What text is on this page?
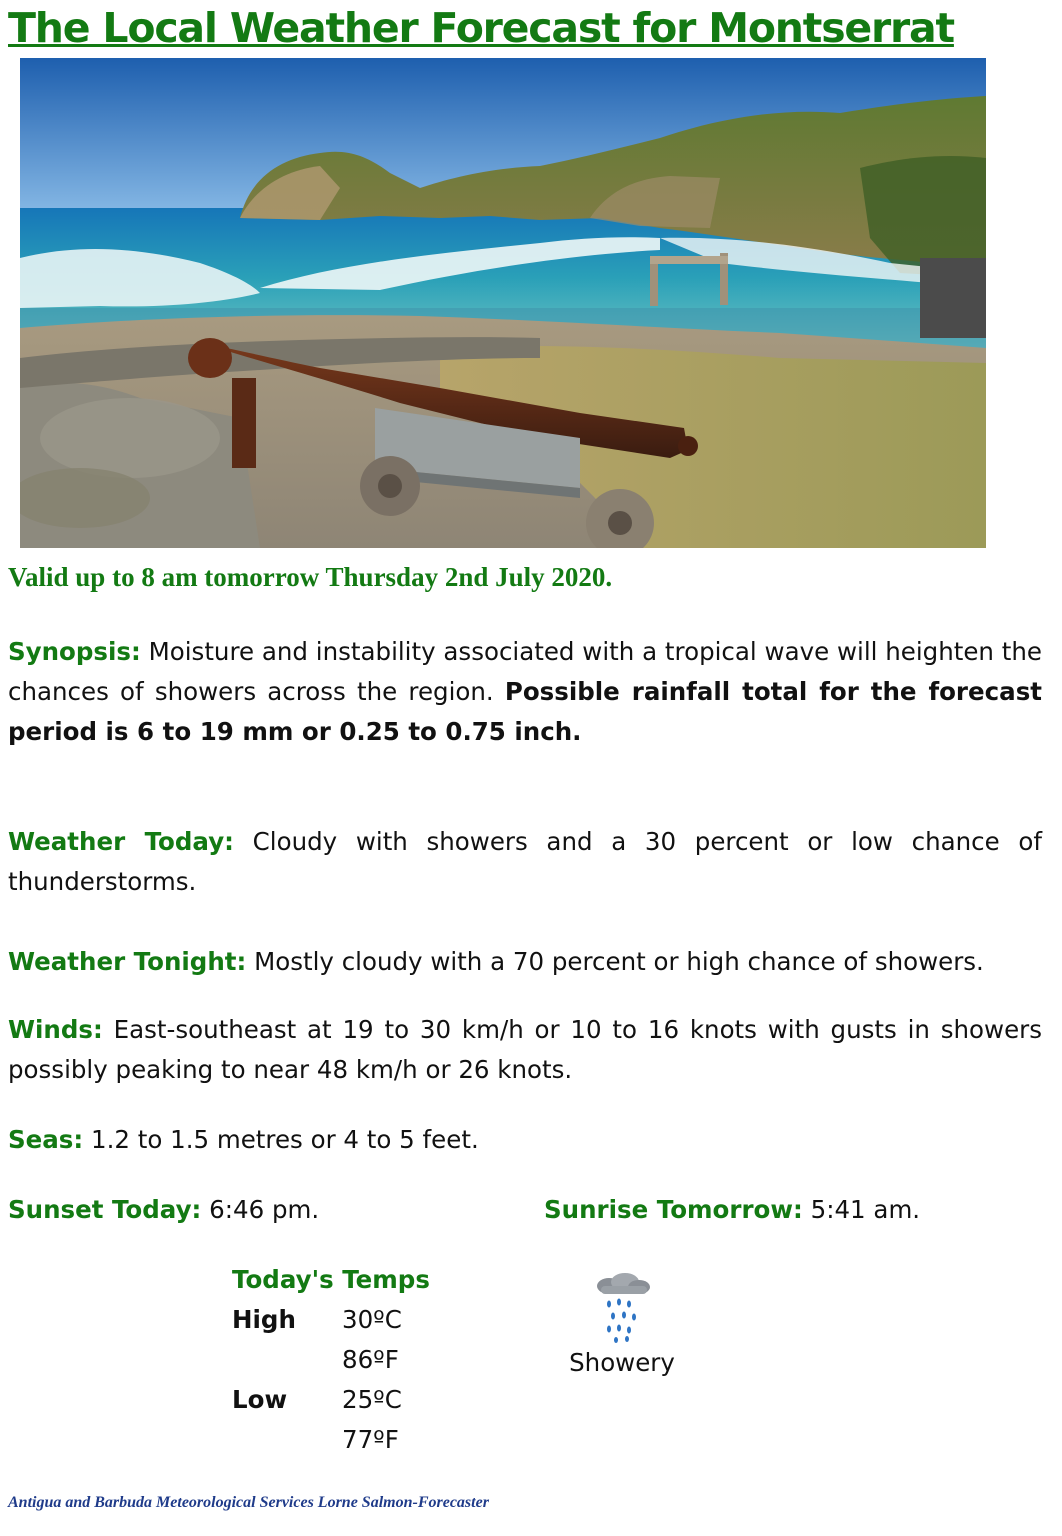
The Local Weather Forecast for Montserrat
Valid up to 8 am tomorrow Thursday 2nd July 2020.
Synopsis: Moisture and instability associated with a tropical wave will heighten the chances of showers across the region. Possible rainfall total for the forecast period is 6 to 19 mm or 0.25 to 0.75 inch.
Weather Today: Cloudy with showers and a 30 percent or low chance of thunderstorms.
Weather Tonight: Mostly cloudy with a 70 percent or high chance of showers.
Winds: East-southeast at 19 to 30 km/h or 10 to 16 knots with gusts in showers possibly peaking to near 48 km/h or 26 knots.
Seas: 1.2 to 1.5 metres or 4 to 5 feet.
Sunset Today: 6:46 pm.	Sunrise Tomorrow: 5:41 am.
Today's Temps
High	30ºC
86ºF
Low	25ºC
77ºF
Showery
Antigua and Barbuda Meteorological Services Lorne Salmon-Forecaster
